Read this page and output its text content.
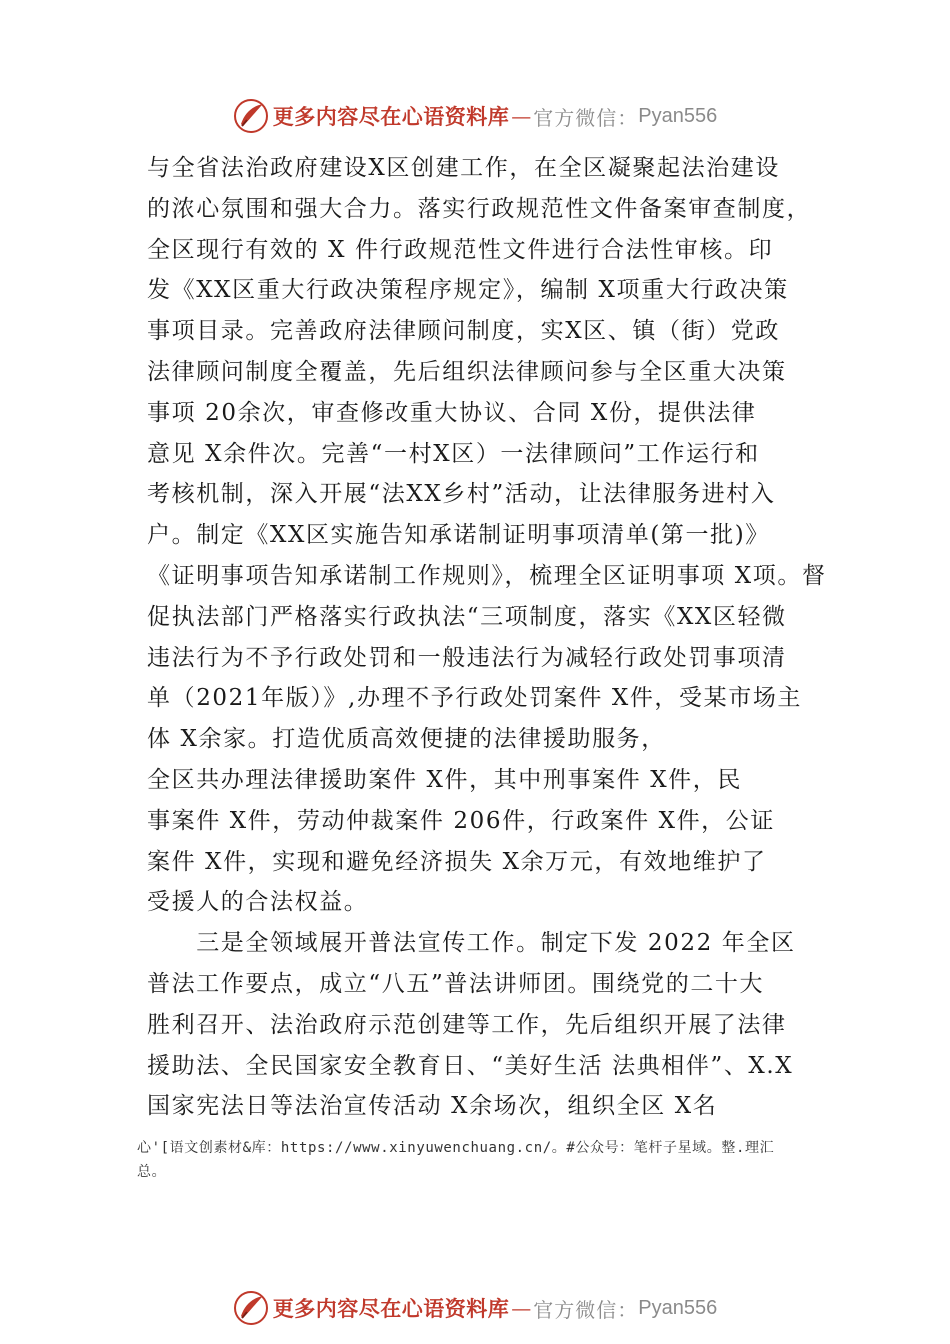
更多内容尽在心语资料库 — 官方微信： Pyan556
与全省法治政府建设X区创建工作，在全区凝聚起法治建设
的浓心氛围和强大合力。落实行政规范性文件备案审查制度，
全区现行有效的 X 件行政规范性文件进行合法性审核。印
发《XX区重大行政决策程序规定》，编制 X项重大行政决策
事项目录。完善政府法律顾问制度，实X区、镇（街）党政
法律顾问制度全覆盖，先后组织法律顾问参与全区重大决策
事项 20余次，审查修改重大协议、合同 X份，提供法律
意见 X余件次。完善“一村X区）一法律顾问”工作运行和
考核机制，深入开展“法XX乡村”活动，让法律服务进村入
户。制定《XX区实施告知承诺制证明事项清单(第一批)》
《证明事项告知承诺制工作规则》，梳理全区证明事项 X项。督
促执法部门严格落实行政执法“三项制度，落实《XX区轻微
违法行为不予行政处罚和一般违法行为减轻行政处罚事项清
单（2021年版）》,办理不予行政处罚案件 X件，受某市场主
体 X余家。打造优质高效便捷的法律援助服务，
全区共办理法律援助案件 X件，其中刑事案件 X件，民
事案件 X件，劳动仲裁案件 206件，行政案件 X件，公证
案件 X件，实现和避免经济损失 X余万元，有效地维护了
受援人的合法权益。
　　三是全领域展开普法宣传工作。制定下发 2022 年全区
普法工作要点，成立“八五”普法讲师团。围绕党的二十大
胜利召开、法治政府示范创建等工作，先后组织开展了法律
援助法、全民国家安全教育日、“美好生活 法典相伴”、X.X
国家宪法日等法治宣传活动 X余场次，组织全区 X名
心'[语文创素材&库：https://www.xinyuwenchuang.cn/。#公众号：笔杆子星域。整.理汇
总。
更多内容尽在心语资料库 — 官方微信： Pyan556
